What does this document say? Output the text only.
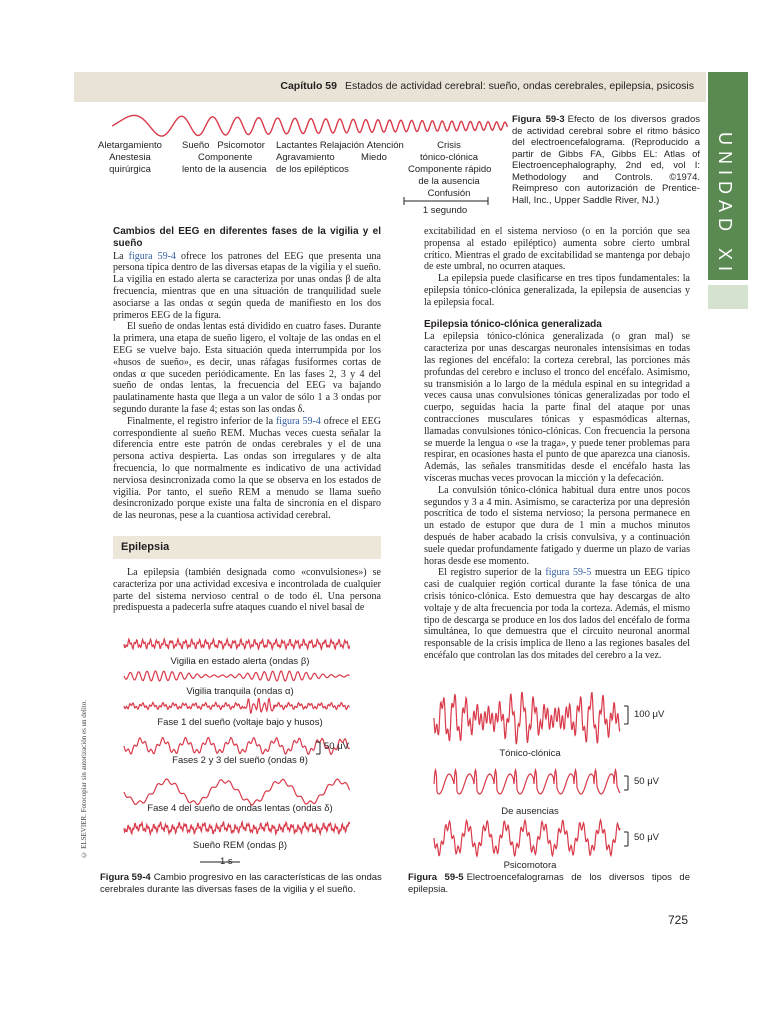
Capítulo 59 Estados de actividad cerebral: sueño, ondas cerebrales, epilepsia, psicosis
UNIDAD XI
© ELSEVIER. Fotocopiar sin autorización es un delito.
Aletargamiento
Anestesia
quirúrgica
Sueño Psicomotor
Componente
lento de la ausencia
Lactantes Relajación Atención
Agravamiento	Miedo
de los epilépticos
Crisis
tónico-clónica
Componente rápido
de la ausencia
Confusión
1 segundo
Figura 59-3 Efecto de los diversos grados de actividad cerebral sobre el ritmo básico del electroencefalograma. (Reproducido a partir de Gibbs FA, Gibbs EL: Atlas of Electroencephalography, 2nd ed, vol I: Methodology and Controls. ©1974. Reimpreso con autorización de Prentice-Hall, Inc., Upper Saddle River, NJ.)
Cambios del EEG en diferentes fases de la vigilia y el sueño

La figura 59-4 ofrece los patrones del EEG que presenta una persona típica dentro de las diversas etapas de la vigilia y el sueño. La vigilia en estado alerta se caracteriza por unas ondas β de alta frecuencia, mientras que en una situación de tranquilidad suele asociarse a las ondas α según queda de manifiesto en los dos primeros EEG de la figura.

El sueño de ondas lentas está dividido en cuatro fases. Durante la primera, una etapa de sueño ligero, el voltaje de las ondas en el EEG se vuelve bajo. Esta situación queda interrumpida por los «husos de sueño», es decir, unas ráfagas fusiformes cortas de ondas α que suceden periódicamente. En las fases 2, 3 y 4 del sueño de ondas lentas, la frecuencia del EEG va bajando paulatinamente hasta que llega a un valor de sólo 1 a 3 ondas por segundo durante la fase 4; estas son las ondas δ.

Finalmente, el registro inferior de la figura 59-4 ofrece el EEG correspondiente al sueño REM. Muchas veces cuesta señalar la diferencia entre este patrón de ondas cerebrales y el de una persona activa despierta. Las ondas son irregulares y de alta frecuencia, lo que normalmente es indicativo de una actividad nerviosa desincronizada como la que se observa en los estados de vigilia. Por tanto, el sueño REM a menudo se llama sueño desincronizado porque existe una falta de sincronía en el disparo de las neuronas, pese a la cuantiosa actividad cerebral.

Epilepsia

La epilepsia (también designada como «convulsiones») se caracteriza por una actividad excesiva e incontrolada de cualquier parte del sistema nervioso central o de todo él. Una persona predispuesta a padecerla sufre ataques cuando el nivel basal de

excitabilidad en el sistema nervioso (o en la porción que sea propensa al estado epiléptico) aumenta sobre cierto umbral crítico. Mientras el grado de excitabilidad se mantenga por debajo de este umbral, no ocurren ataques.

La epilepsia puede clasificarse en tres tipos fundamentales: la epilepsia tónico-clónica generalizada, la epilepsia de ausencias y la epilepsia focal.

Epilepsia tónico-clónica generalizada

La epilepsia tónico-clónica generalizada (o gran mal) se caracteriza por unas descargas neuronales intensísimas en todas las regiones del encéfalo: la corteza cerebral, las porciones más profundas del cerebro e incluso el tronco del encéfalo. Asimismo, su transmisión a lo largo de la médula espinal en su integridad a veces causa unas convulsiones tónicas generalizadas por todo el cuerpo, seguidas hacia la parte final del ataque por unas contracciones musculares tónicas y espasmódicas alternas, llamadas convulsiones tónico-clónicas. Con frecuencia la persona se muerde la lengua o «se la traga», y puede tener problemas para respirar, en ocasiones hasta el punto de que aparezca una cianosis. Además, las señales transmitidas desde el encéfalo hasta las vísceras muchas veces provocan la micción y la defecación.

La convulsión tónico-clónica habitual dura entre unos pocos segundos y 3 a 4 min. Asimismo, se caracteriza por una depresión poscrítica de todo el sistema nervioso; la persona permanece en un estado de estupor que dura de 1 min a muchos minutos después de haber acabado la crisis convulsiva, y a continuación suele quedar profundamente fatigado y duerme un plazo de varias horas desde ese momento.

El registro superior de la figura 59-5 muestra un EEG típico casi de cualquier región cortical durante la fase tónica de una crisis tónico-clónica. Esto demuestra que hay descargas de alto voltaje y de alta frecuencia por toda la corteza. Además, el mismo tipo de descarga se produce en los dos lados del encéfalo de forma simultánea, lo que demuestra que el circuito neuronal anormal responsable de la crisis implica de lleno a las regiones basales del encéfalo que controlan las dos mitades del cerebro a la vez.

Vigilia en estado alerta (ondas β)
Vigilia tranquila (ondas α)
Fase 1 del sueño (voltaje bajo y husos)
Fases 2 y 3 del sueño (ondas θ)
Fase 4 del sueño de ondas lentas (ondas δ)
Sueño REM (ondas β)
50 μV
1 s
Figura 59-4 Cambio progresivo en las características de las ondas cerebrales durante las diversas fases de la vigilia y el sueño.
Tónico-clónica
De ausencias
Psicomotora
100 μV
50 μV
50 μV
Figura 59-5 Electroencefalogramas de los diversos tipos de epilepsia.
725
